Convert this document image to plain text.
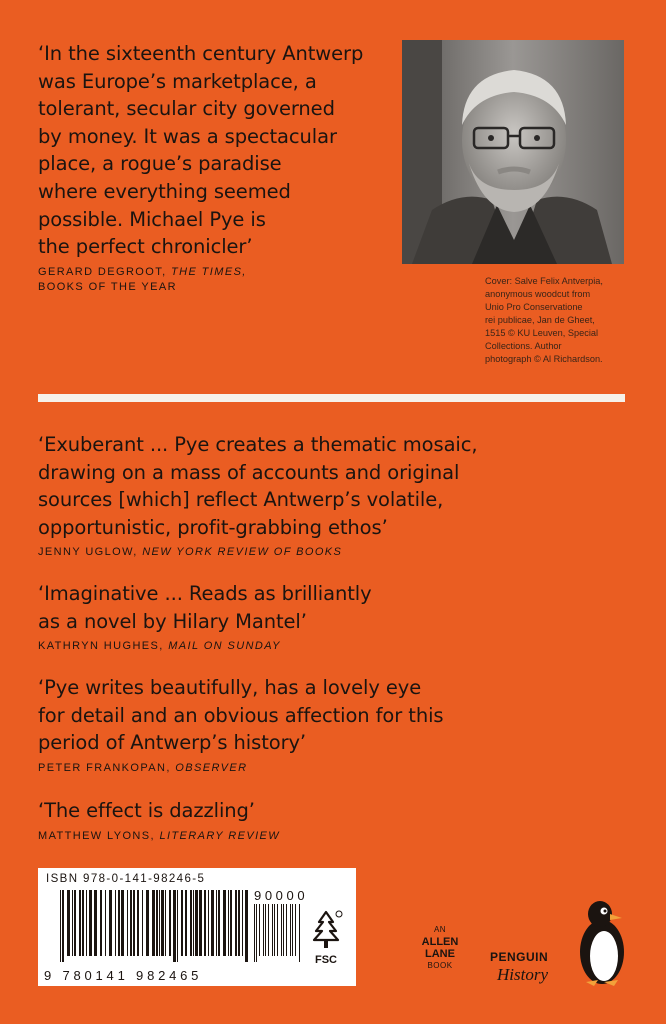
‘In the sixteenth century Antwerp
was Europe’s marketplace, a
tolerant, secular city governed
by money. It was a spectacular
place, a rogue’s paradise
where everything seemed
possible. Michael Pye is
the perfect chronicler’

GERARD DEGROOT, THE TIMES,
BOOKS OF THE YEAR	Cover: Salve Felix Antverpia,
anonymous woodcut from
Unio Pro Conservatione
rei publicae, Jan de Gheet,
1515 © KU Leuven, Special
Collections. Author
photograph © Al Richardson.

‘Exuberant ... Pye creates a thematic mosaic,
drawing on a mass of accounts and original
sources [which] reflect Antwerp’s volatile,
opportunistic, profit-grabbing ethos’

JENNY UGLOW, NEW YORK REVIEW OF BOOKS

‘Imaginative ... Reads as brilliantly
as a novel by Hilary Mantel’

KATHRYN HUGHES, MAIL ON SUNDAY

‘Pye writes beautifully, has a lovely eye
for detail and an obvious affection for this
period of Antwerp’s history’

PETER FRANKOPAN, OBSERVER

‘The effect is dazzling’

MATTHEW LYONS, LITERARY REVIEW
ISBN 978-0-141-98246-5
9 780141 982465
90000
FSC
AN
ALLEN
LANE
BOOK
PENGUIN
History
